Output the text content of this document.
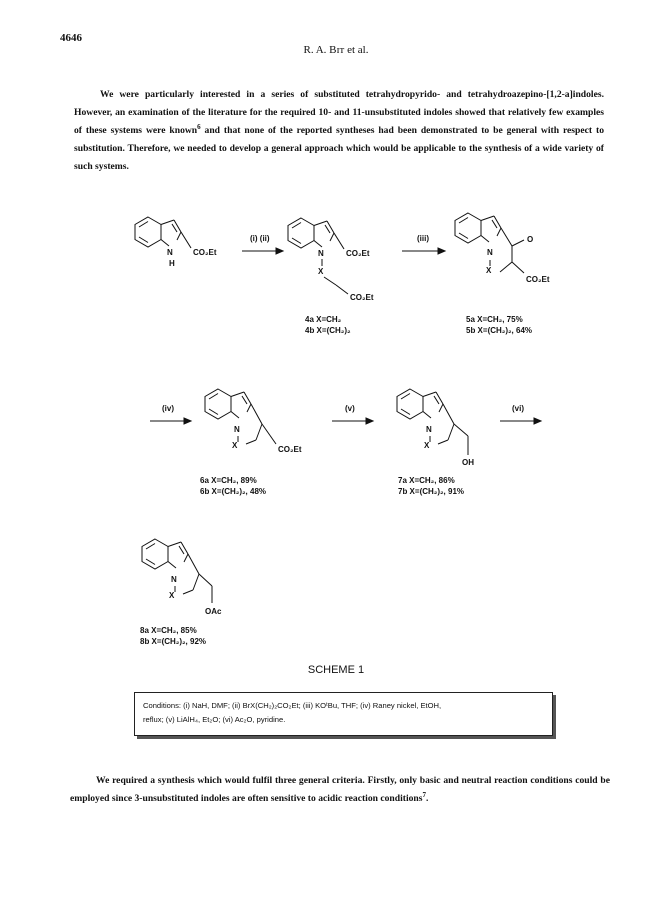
4646
R. A. Bɪᴛ et al.
We were particularly interested in a series of substituted tetrahydropyrido- and tetrahydroazepino-[1,2-a]indoles. However, an examination of the literature for the required 10- and 11-unsubstituted indoles showed that relatively few examples of these systems were known$^6$ and that none of the reported syntheses had been demonstrated to be general with respect to substitution. Therefore, we needed to develop a general approach which would be applicable to the synthesis of a wide variety of such systems.
N
H
CO₂Et
(i) (ii)
N	CO₂Et
X
CO₂Et
4a X=CH₂
4b X=(CH₂)₂
(iii)
N
O
X
CO₂Et
5a X=CH₂, 75%
5b X=(CH₂)₂, 64%
(iv)
N
X	CO₂Et
6a X=CH₂, 89%
6b X=(CH₂)₂, 48%
(v)
N
X
OH
7a X=CH₂, 86%
7b X=(CH₂)₂, 91%
(vi)
N
X
OAc
8a X=CH₂, 85%
8b X=(CH₂)₂, 92%
SCHEME 1
Conditions: (i) NaH, DMF; (ii) BrX(CH₂)₂CO₂Et; (iii) KOᵗBu, THF; (iv) Raney nickel, EtOH,
reflux; (v) LiAlH₄, Et₂O; (vi) Ac₂O, pyridine.
We required a synthesis which would fulfil three general criteria. Firstly, only basic and neutral reaction conditions could be employed since 3-unsubstituted indoles are often sensitive to acidic reaction conditions$^7$.
